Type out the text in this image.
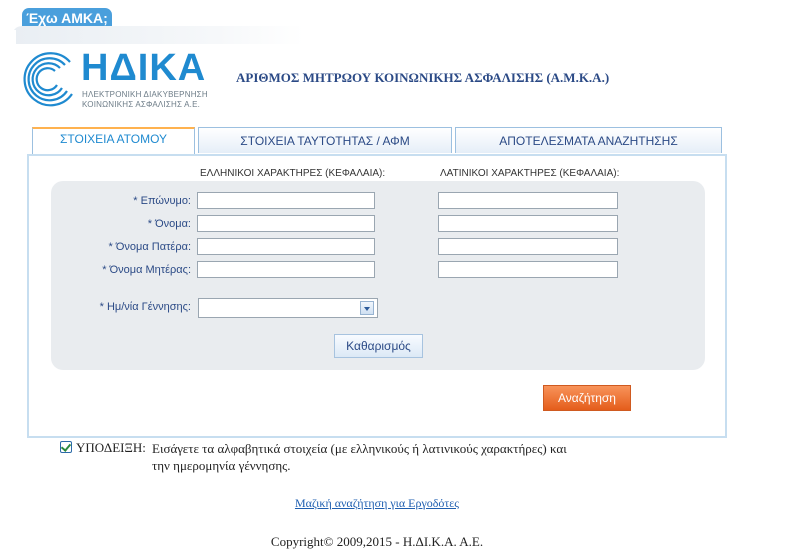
Έχω ΑΜΚΑ;
ΗΔΙΚΑ
ΗΛΕΚΤΡΟΝΙΚΗ ΔΙΑΚΥΒΕΡΝΗΣΗ
ΚΟΙΝΩΝΙΚΗΣ ΑΣΦΑΛΙΣΗΣ Α.Ε.
ΑΡΙΘΜΟΣ ΜΗΤΡΩΟΥ ΚΟΙΝΩΝΙΚΗΣ ΑΣΦΑΛΙΣΗΣ (Α.Μ.Κ.Α.)
ΣΤΟΙΧΕΙΑ ΑΤΟΜΟΥ	ΣΤΟΙΧΕΙΑ ΤΑΥΤΟΤΗΤΑΣ / ΑΦΜ	ΑΠΟΤΕΛΕΣΜΑΤΑ ΑΝΑΖΗΤΗΣΗΣ
ΕΛΛΗΝΙΚΟΙ ΧΑΡΑΚΤΗΡΕΣ (ΚΕΦΑΛΑΙΑ):	ΛΑΤΙΝΙΚΟΙ ΧΑΡΑΚΤΗΡΕΣ (ΚΕΦΑΛΑΙΑ):
* Επώνυμο:
* Όνομα:
* Όνομα Πατέρα:
* Όνομα Μητέρας:
* Ημ/νία Γέννησης:
Καθαρισμός
Αναζήτηση
ΥΠΟΔΕΙΞΗ: Εισάγετε τα αλφαβητικά στοιχεία (με ελληνικούς ή λατινικούς χαρακτήρες) και την ημερομηνία γέννησης.
Μαζική αναζήτηση για Εργοδότες
Copyright© 2009,2015 - Η.ΔΙ.Κ.Α. Α.Ε.
